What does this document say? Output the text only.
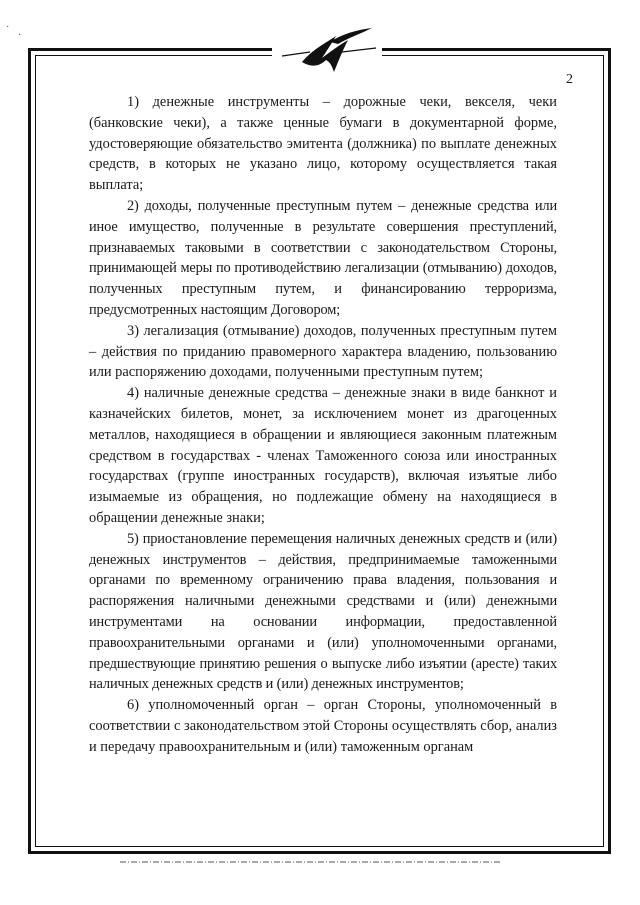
·
·
2

1) денежные инструменты – дорожные чеки, векселя, чеки (банковские чеки), а также ценные бумаги в документарной форме, удостоверяющие обязательство эмитента (должника) по выплате денежных средств, в которых не указано лицо, которому осуществляется такая выплата;

2) доходы, полученные преступным путем – денежные средства или иное имущество, полученные в результате совершения преступлений, признаваемых таковыми в соответствии с законодательством Стороны, принимающей меры по противодействию легализации (отмыванию) доходов, полученных преступным путем, и финансированию терроризма, предусмотренных настоящим Договором;

3) легализация (отмывание) доходов, полученных преступным путем – действия по приданию правомерного характера владению, пользованию или распоряжению доходами, полученными преступным путем;

4) наличные денежные средства – денежные знаки в виде банкнот и казначейских билетов, монет, за исключением монет из драгоценных металлов, находящиеся в обращении и являющиеся законным платежным средством в государствах - членах Таможенного союза или иностранных государствах (группе иностранных государств), включая изъятые либо изымаемые из обращения, но подлежащие обмену на находящиеся в обращении денежные знаки;

5) приостановление перемещения наличных денежных средств и (или) денежных инструментов – действия, предпринимаемые таможенными органами по временному ограничению права владения, пользования и распоряжения наличными денежными средствами и (или) денежными инструментами на основании информации, предоставленной правоохранительными органами и (или) уполномоченными органами, предшествующие принятию решения о выпуске либо изъятии (аресте) таких наличных денежных средств и (или) денежных инструментов;

6) уполномоченный орган – орган Стороны, уполномоченный в соответствии с законодательством этой Стороны осуществлять сбор, анализ и передачу правоохранительным и (или) таможенным органам
